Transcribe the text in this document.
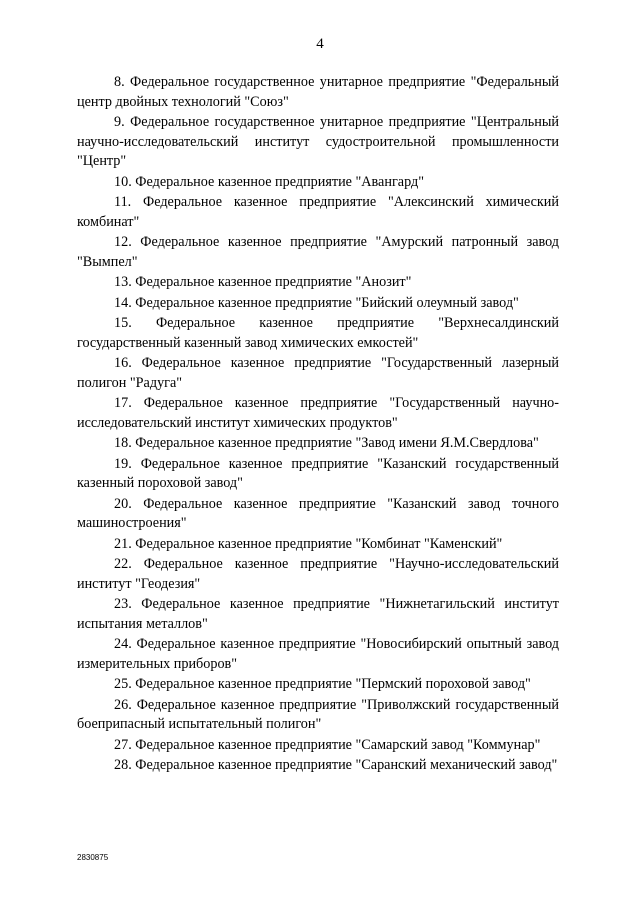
4

8. Федеральное государственное унитарное предприятие "Федеральный центр двойных технологий "Союз"

9. Федеральное государственное унитарное предприятие "Центральный научно-исследовательский институт судостроительной промышленности "Центр"

10. Федеральное казенное предприятие "Авангард"

11. Федеральное казенное предприятие "Алексинский химический комбинат"

12. Федеральное казенное предприятие "Амурский патронный завод "Вымпел"

13. Федеральное казенное предприятие "Анозит"

14. Федеральное казенное предприятие "Бийский олеумный завод"

15. Федеральное казенное предприятие "Верхнесалдинский государственный казенный завод химических емкостей"

16. Федеральное казенное предприятие "Государственный лазерный полигон "Радуга"

17. Федеральное казенное предприятие "Государственный научно-исследовательский институт химических продуктов"

18. Федеральное казенное предприятие "Завод имени Я.М.Свердлова"

19. Федеральное казенное предприятие "Казанский государственный казенный пороховой завод"

20. Федеральное казенное предприятие "Казанский завод точного машиностроения"

21. Федеральное казенное предприятие "Комбинат "Каменский"

22. Федеральное казенное предприятие "Научно-исследовательский институт "Геодезия"

23. Федеральное казенное предприятие "Нижнетагильский институт испытания металлов"

24. Федеральное казенное предприятие "Новосибирский опытный завод измерительных приборов"

25. Федеральное казенное предприятие "Пермский пороховой завод"

26. Федеральное казенное предприятие "Приволжский государственный боеприпасный испытательный полигон"

27. Федеральное казенное предприятие "Самарский завод "Коммунар"

28. Федеральное казенное предприятие "Саранский механический завод"

2830875
